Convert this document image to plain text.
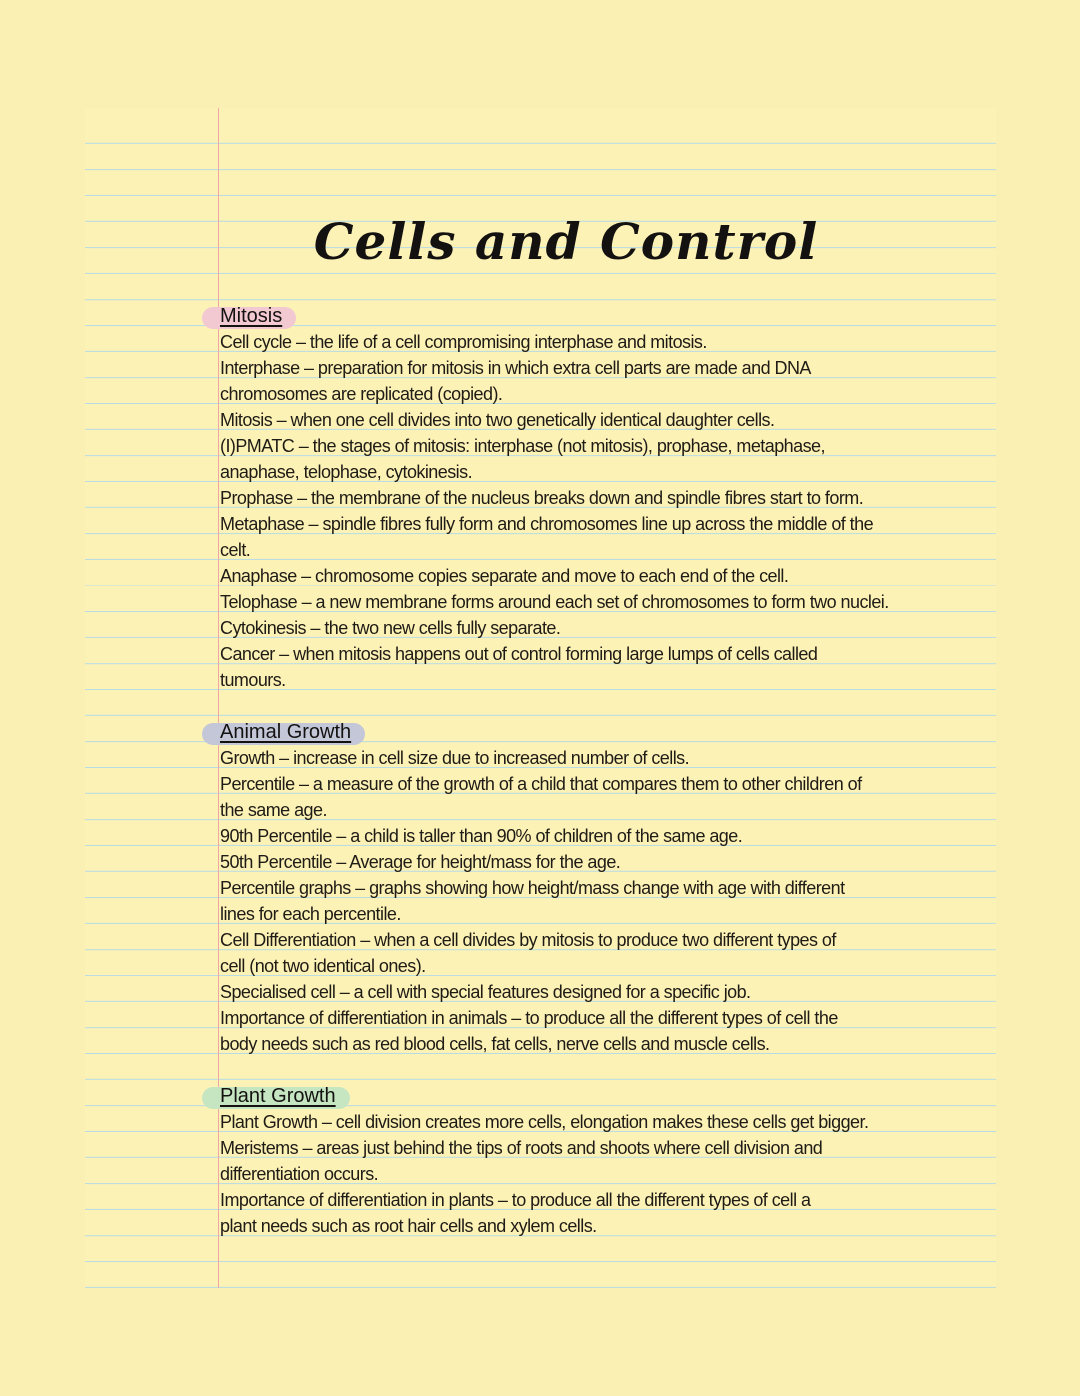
Cells and Control
Mitosis
Cell cycle – the life of a cell compromising interphase and mitosis.
Interphase – preparation for mitosis in which extra cell parts are made and DNA
chromosomes are replicated (copied).
Mitosis – when one cell divides into two genetically identical daughter cells.
(I)PMATC – the stages of mitosis: interphase (not mitosis), prophase, metaphase,
anaphase, telophase, cytokinesis.
Prophase – the membrane of the nucleus breaks down and spindle fibres start to form.
Metaphase – spindle fibres fully form and chromosomes line up across the middle of the
celt.
Anaphase – chromosome copies separate and move to each end of the cell.
Telophase – a new membrane forms around each set of chromosomes to form two nuclei.
Cytokinesis – the two new cells fully separate.
Cancer – when mitosis happens out of control forming large lumps of cells called
tumours.
Animal Growth
Growth – increase in cell size due to increased number of cells.
Percentile – a measure of the growth of a child that compares them to other children of
the same age.
90th Percentile – a child is taller than 90% of children of the same age.
50th Percentile – Average for height/mass for the age.
Percentile graphs – graphs showing how height/mass change with age with different
lines for each percentile.
Cell Differentiation – when a cell divides by mitosis to produce two different types of
cell (not two identical ones).
Specialised cell – a cell with special features designed for a specific job.
Importance of differentiation in animals – to produce all the different types of cell the
body needs such as red blood cells, fat cells, nerve cells and muscle cells.
Plant Growth
Plant Growth – cell division creates more cells, elongation makes these cells get bigger.
Meristems – areas just behind the tips of roots and shoots where cell division and
differentiation occurs.
Importance of differentiation in plants – to produce all the different types of cell a
plant needs such as root hair cells and xylem cells.
